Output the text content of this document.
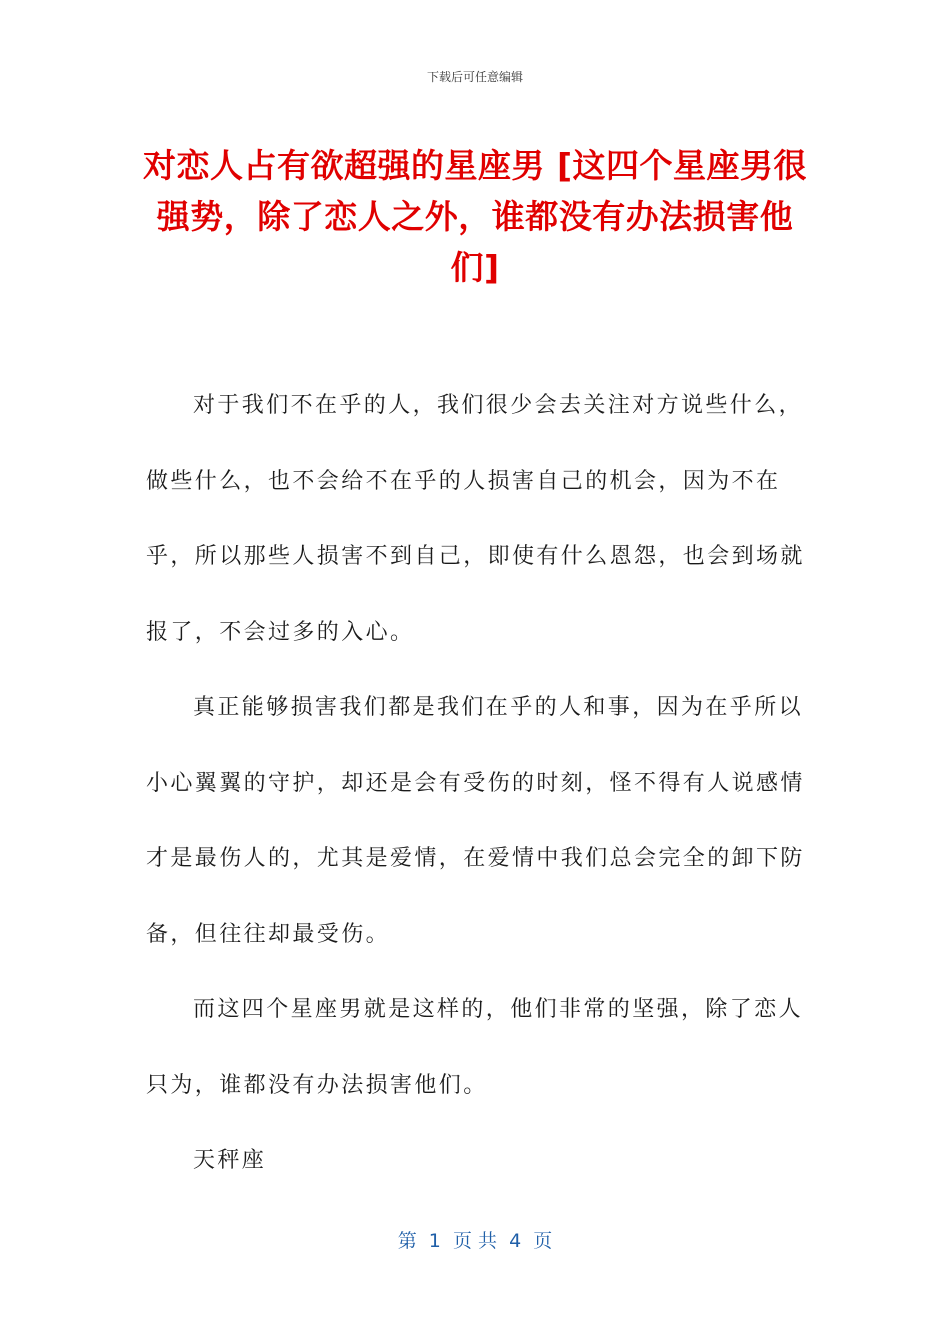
下载后可任意编辑
对恋人占有欲超强的星座男 [这四个星座男很强势，除了恋人之外，谁都没有办法损害他们]

对于我们不在乎的人，我们很少会去关注对方说些什么，做些什么，也不会给不在乎的人损害自己的机会，因为不在乎，所以那些人损害不到自己，即使有什么恩怨，也会到场就报了，不会过多的入心。

真正能够损害我们都是我们在乎的人和事，因为在乎所以小心翼翼的守护，却还是会有受伤的时刻，怪不得有人说感情才是最伤人的，尤其是爱情，在爱情中我们总会完全的卸下防备，但往往却最受伤。

而这四个星座男就是这样的，他们非常的坚强，除了恋人只为，谁都没有办法损害他们。

天秤座

第  1  页 共  4  页
